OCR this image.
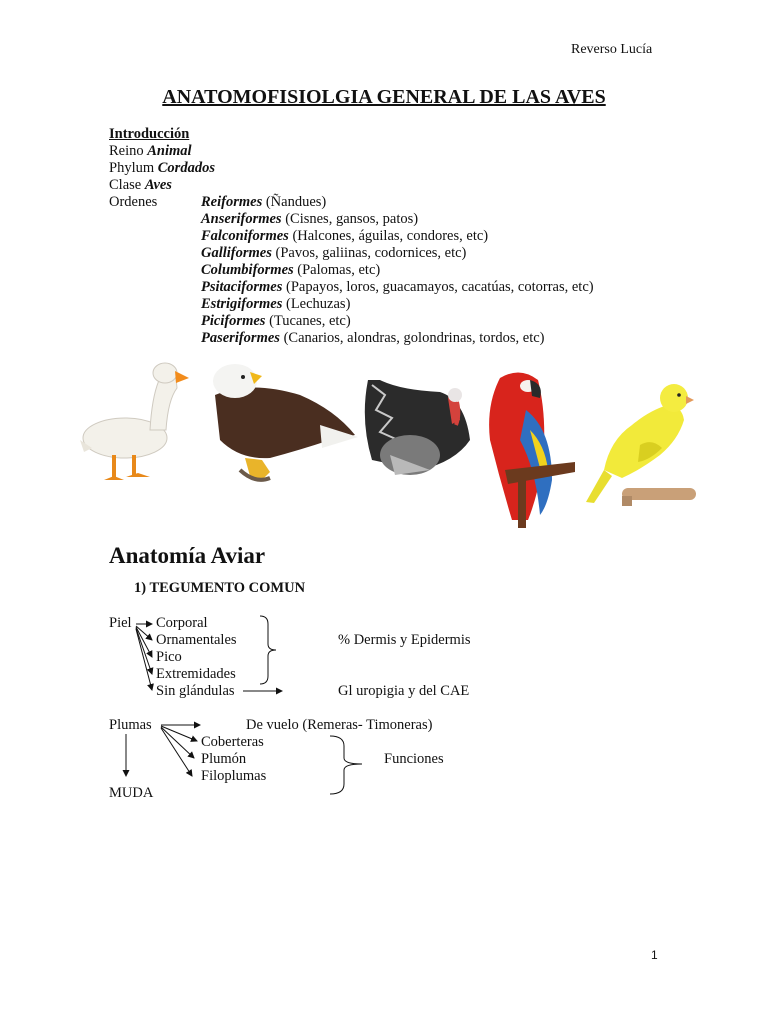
Reverso Lucía
ANATOMOFISIOLGIA GENERAL DE LAS AVES
Introducción
Reino Animal
Phylum Cordados
Clase Aves
Ordenes	Reiformes (Ñandues)
Anseriformes (Cisnes, gansos, patos)
Falconiformes (Halcones, águilas, condores, etc)
Galliformes (Pavos, galiinas, codornices, etc)
Columbiformes (Palomas, etc)
Psitaciformes (Papayos, loros, guacamayos, cacatúas, cotorras, etc)
Estrigiformes (Lechuzas)
Piciformes (Tucanes, etc)
Paseriformes (Canarios, alondras, golondrinas, tordos, etc)
Anatomía Aviar
1) TEGUMENTO COMUN
Piel Corporal
Ornamentales
Pico
Extremidades
Sin glándulas
% Dermis y Epidermis
Gl uropigia y del CAE
Plumas	De vuelo (Remeras- Timoneras)
Coberteras
Plumón
Filoplumas
Funciones
MUDA
1
